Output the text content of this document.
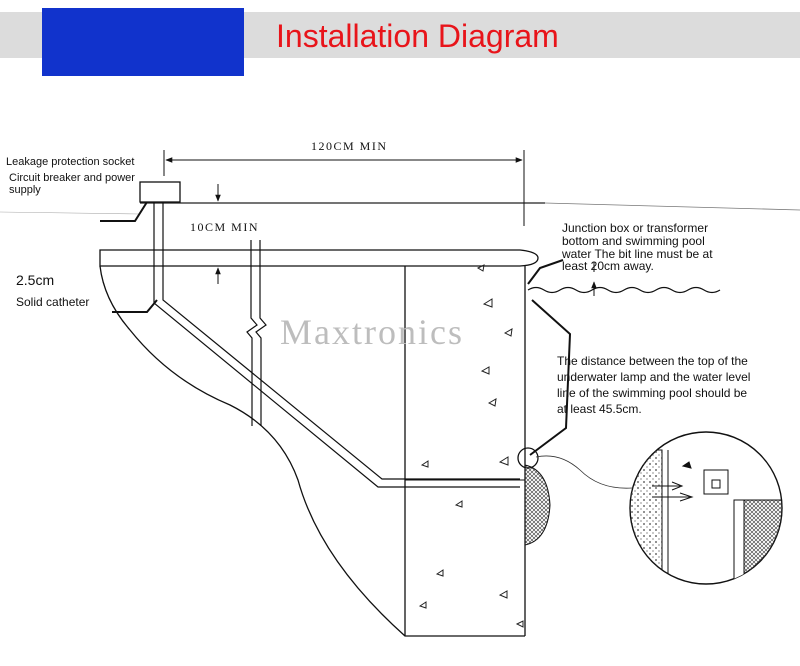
Installation Diagram
Leakage protection socket
Circuit breaker and power
supply
120CM MIN
10CM MIN
2.5cm
Solid catheter
Junction box or transformer
bottom and swimming pool
water The bit line must be at
least 20cm away.
The distance between the top of the
underwater lamp and the water level
line of the swimming pool should be
at least 45.5cm.
Maxtronics
